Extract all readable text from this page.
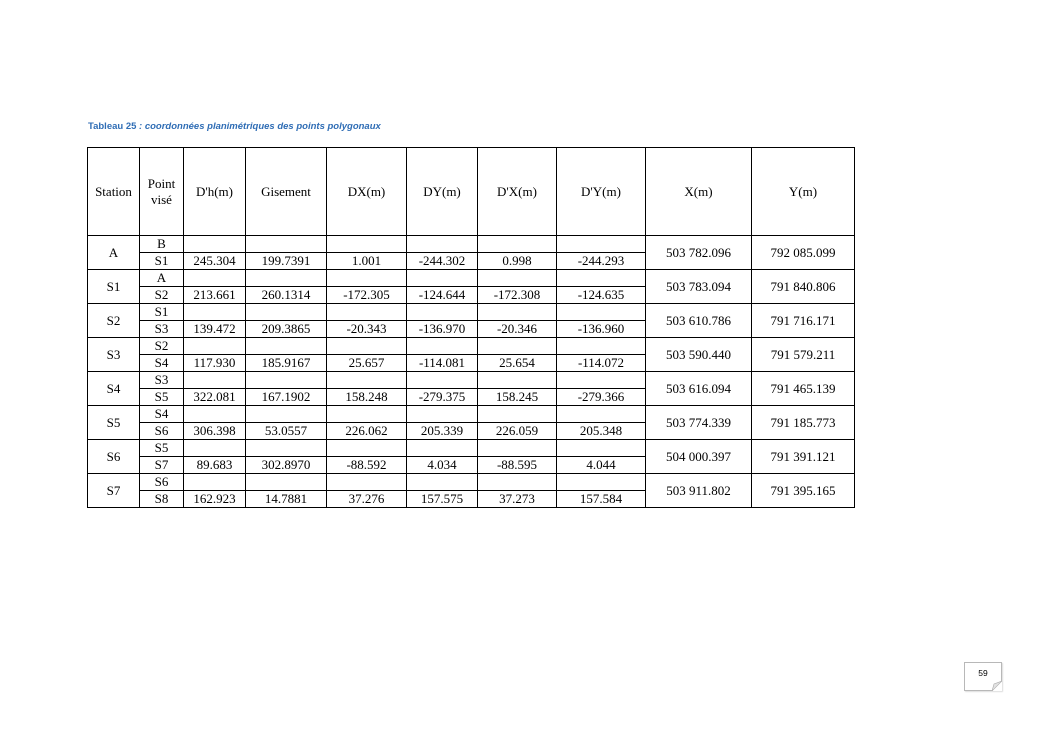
Tableau 25 : coordonnées planimétriques des points polygonaux
Station	Point visé	D'h(m)	Gisement	DX(m)	DY(m)	D'X(m)	D'Y(m)	X(m)	Y(m)
A	B							503 782.096	792 085.099
	S1	245.304	199.7391	1.001	-244.302	0.998	-244.293		
S1	A							503 783.094	791 840.806
	S2	213.661	260.1314	-172.305	-124.644	-172.308	-124.635		
S2	S1							503 610.786	791 716.171
	S3	139.472	209.3865	-20.343	-136.970	-20.346	-136.960		
S3	S2							503 590.440	791 579.211
	S4	117.930	185.9167	25.657	-114.081	25.654	-114.072		
S4	S3							503 616.094	791 465.139
	S5	322.081	167.1902	158.248	-279.375	158.245	-279.366		
S5	S4							503 774.339	791 185.773
	S6	306.398	53.0557	226.062	205.339	226.059	205.348		
S6	S5							504 000.397	791 391.121
	S7	89.683	302.8970	-88.592	4.034	-88.595	4.044		
S7	S6							503 911.802	791 395.165
	S8	162.923	14.7881	37.276	157.575	37.273	157.584		
59
